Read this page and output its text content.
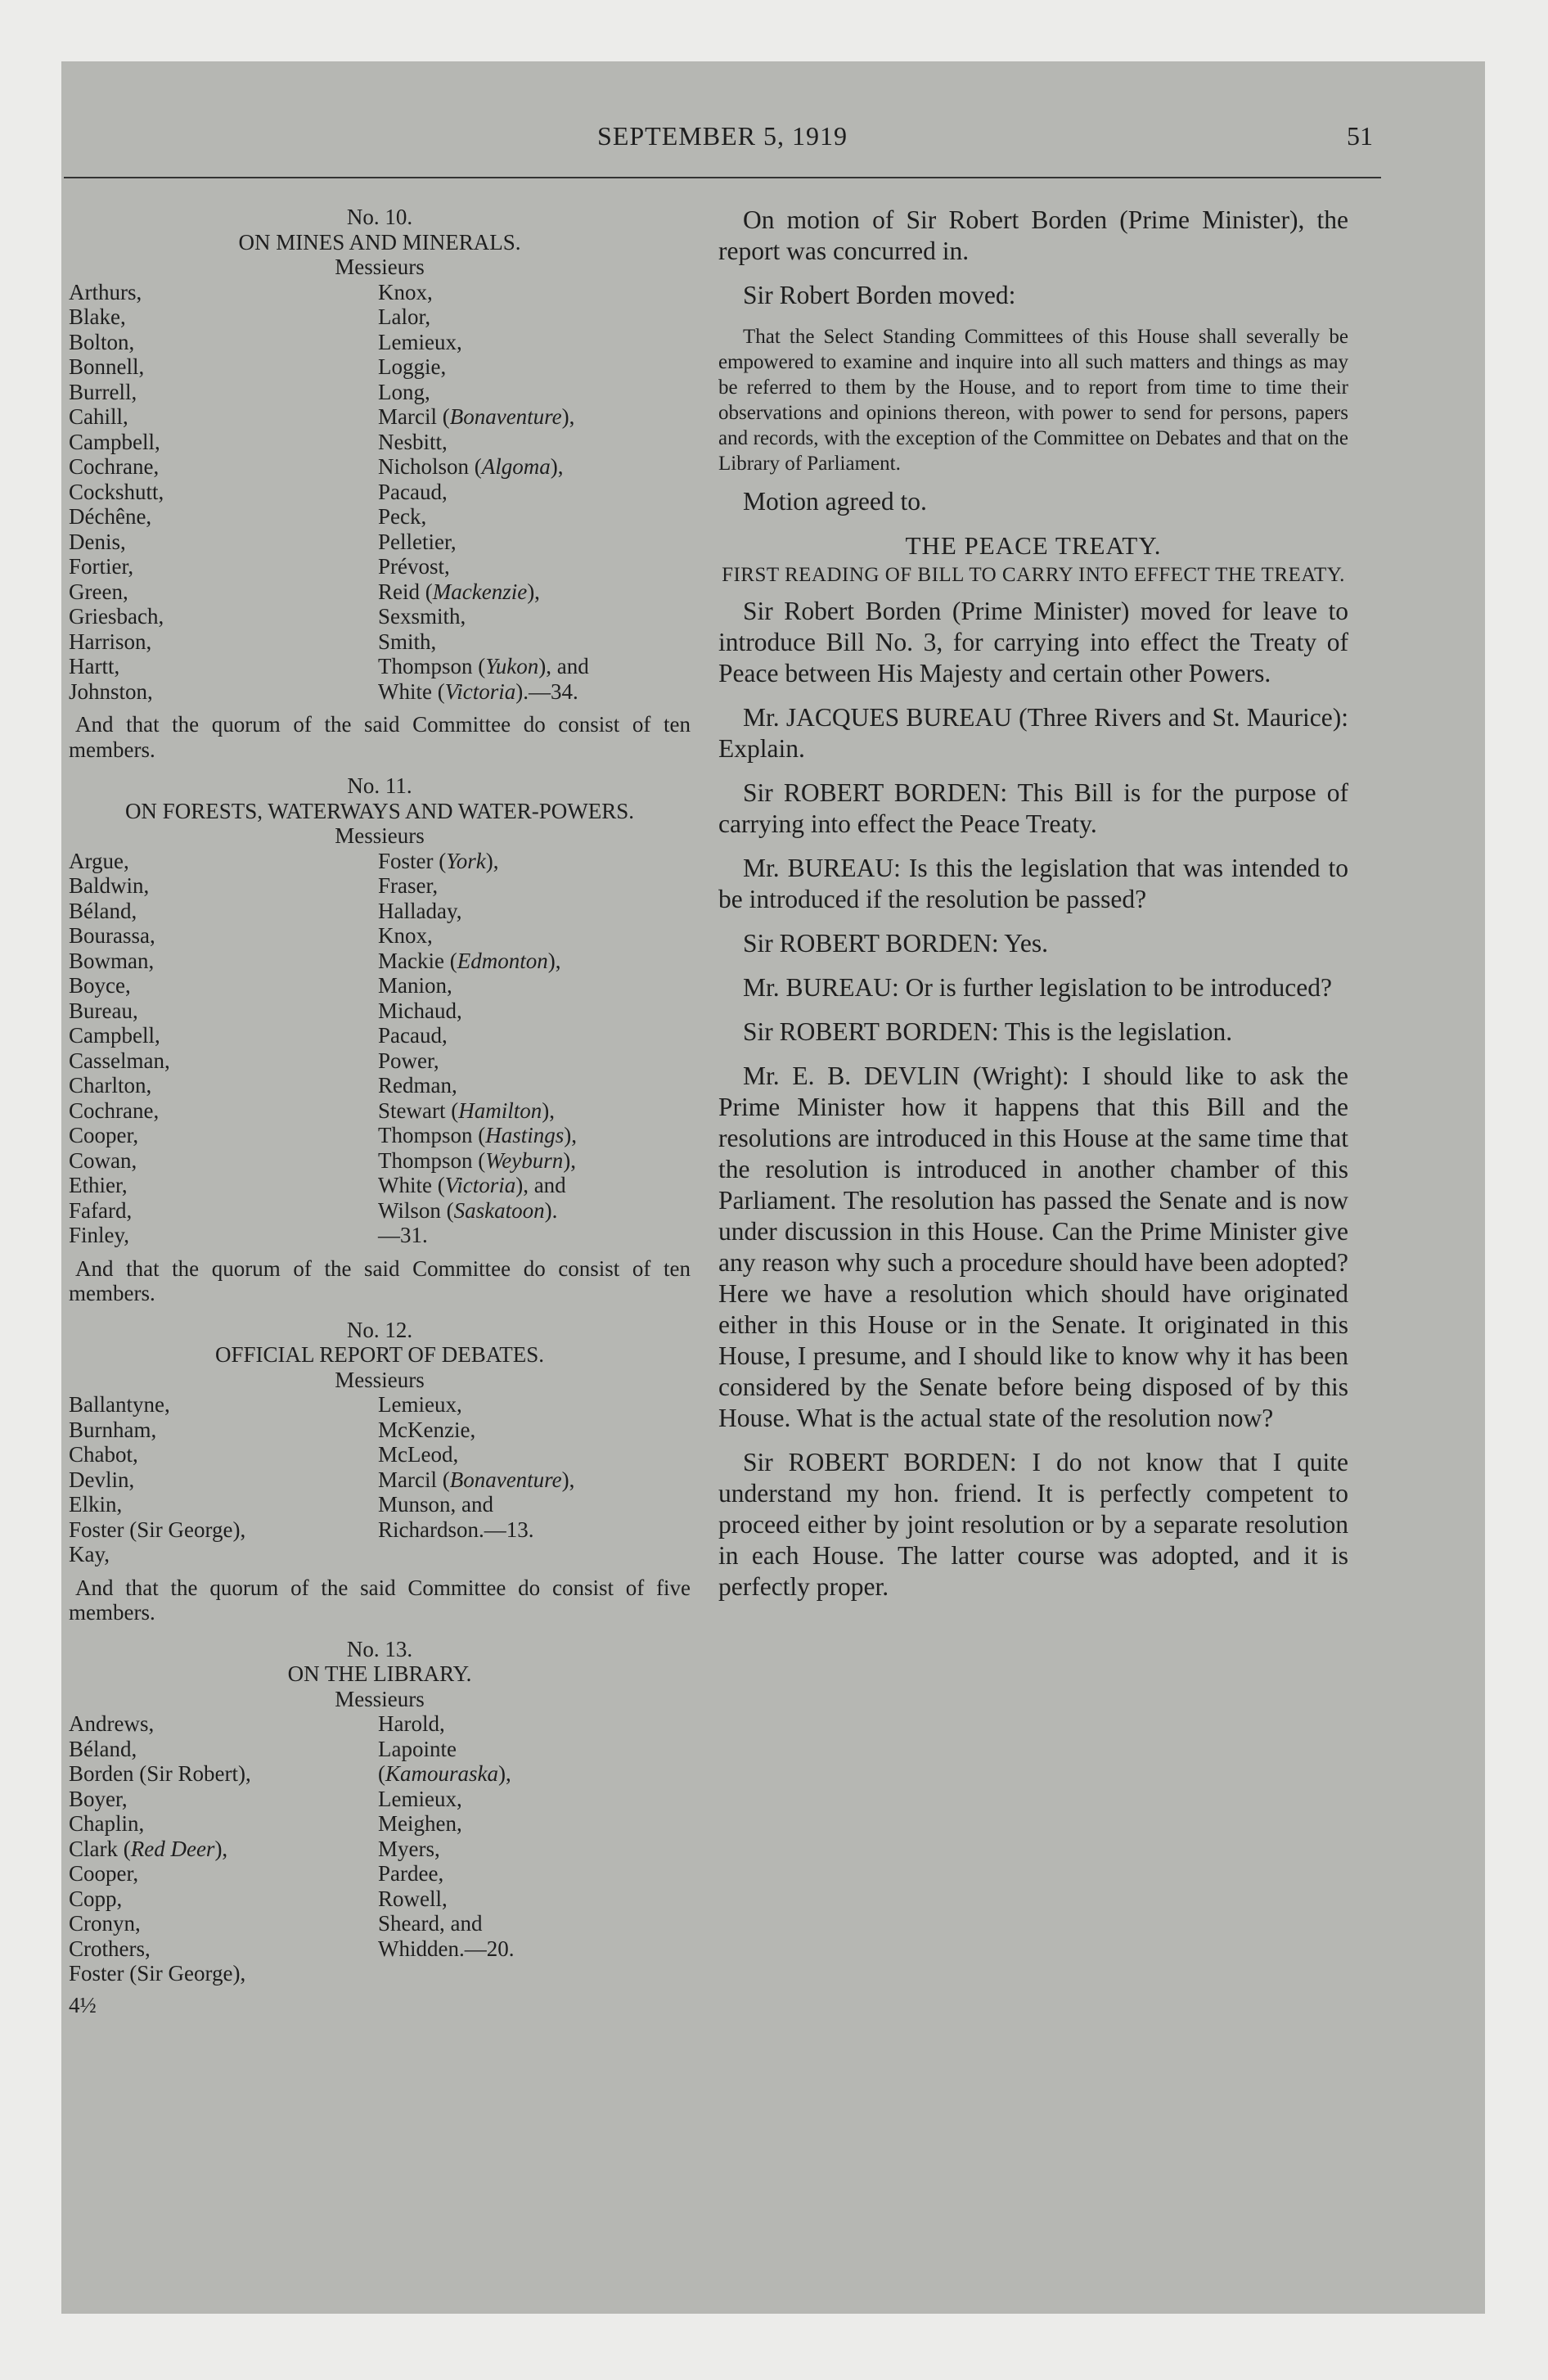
SEPTEMBER 5, 1919	51
No. 10.
ON MINES AND MINERALS.
Messieurs
Arthurs,	Knox,
Blake,	Lalor,
Bolton,	Lemieux,
Bonnell,	Loggie,
Burrell,	Long,
Cahill,	Marcil (Bonaventure),
Campbell,	Nesbitt,
Cochrane,	Nicholson (Algoma),
Cockshutt,	Pacaud,
Déchêne,	Peck,
Denis,	Pelletier,
Fortier,	Prévost,
Green,	Reid (Mackenzie),
Griesbach,	Sexsmith,
Harrison,	Smith,
Hartt,	Thompson (Yukon), and
Johnston,	White (Victoria).—34.
And that the quorum of the said Committee do consist of ten members.
No. 11.
ON FORESTS, WATERWAYS AND WATER-POWERS.
Messieurs
Argue,	Foster (York),
Baldwin,	Fraser,
Béland,	Halladay,
Bourassa,	Knox,
Bowman,	Mackie (Edmonton),
Boyce,	Manion,
Bureau,	Michaud,
Campbell,	Pacaud,
Casselman,	Power,
Charlton,	Redman,
Cochrane,	Stewart (Hamilton),
Cooper,	Thompson (Hastings),
Cowan,	Thompson (Weyburn),
Ethier,	White (Victoria), and
Fafard,	Wilson (Saskatoon).
Finley,	—31.
And that the quorum of the said Committee do consist of ten members.
No. 12.
OFFICIAL REPORT OF DEBATES.
Messieurs
Ballantyne,	Lemieux,
Burnham,	McKenzie,
Chabot,	McLeod,
Devlin,	Marcil (Bonaventure),
Elkin,	Munson, and
Foster (Sir George),	Richardson.—13.
Kay,
And that the quorum of the said Committee do consist of five members.
No. 13.
ON THE LIBRARY.
Messieurs
Andrews,	Harold,
Béland,	Lapointe
Borden (Sir Robert),	(Kamouraska),
Boyer,	Lemieux,
Chaplin,	Meighen,
Clark (Red Deer),	Myers,
Cooper,	Pardee,
Copp,	Rowell,
Cronyn,	Sheard, and
Crothers,	Whidden.—20.
Foster (Sir George),
4½

On motion of Sir Robert Borden (Prime Minister), the report was concurred in.

Sir Robert Borden moved:

That the Select Standing Committees of this House shall severally be empowered to examine and inquire into all such matters and things as may be referred to them by the House, and to report from time to time their observations and opinions thereon, with power to send for persons, papers and records, with the exception of the Committee on Debates and that on the Library of Parliament.

Motion agreed to.

THE PEACE TREATY.
FIRST READING OF BILL TO CARRY INTO EFFECT THE TREATY.

Sir Robert Borden (Prime Minister) moved for leave to introduce Bill No. 3, for carrying into effect the Treaty of Peace between His Majesty and certain other Powers.

Mr. JACQUES BUREAU (Three Rivers and St. Maurice): Explain.

Sir ROBERT BORDEN: This Bill is for the purpose of carrying into effect the Peace Treaty.

Mr. BUREAU: Is this the legislation that was intended to be introduced if the resolution be passed?

Sir ROBERT BORDEN: Yes.

Mr. BUREAU: Or is further legislation to be introduced?

Sir ROBERT BORDEN: This is the legislation.

Mr. E. B. DEVLIN (Wright): I should like to ask the Prime Minister how it happens that this Bill and the resolutions are introduced in this House at the same time that the resolution is introduced in another chamber of this Parliament. The resolution has passed the Senate and is now under discussion in this House. Can the Prime Minister give any reason why such a procedure should have been adopted? Here we have a resolution which should have originated either in this House or in the Senate. It originated in this House, I presume, and I should like to know why it has been considered by the Senate before being disposed of by this House. What is the actual state of the resolution now?

Sir ROBERT BORDEN: I do not know that I quite understand my hon. friend. It is perfectly competent to proceed either by joint resolution or by a separate resolution in each House. The latter course was adopted, and it is perfectly proper.
